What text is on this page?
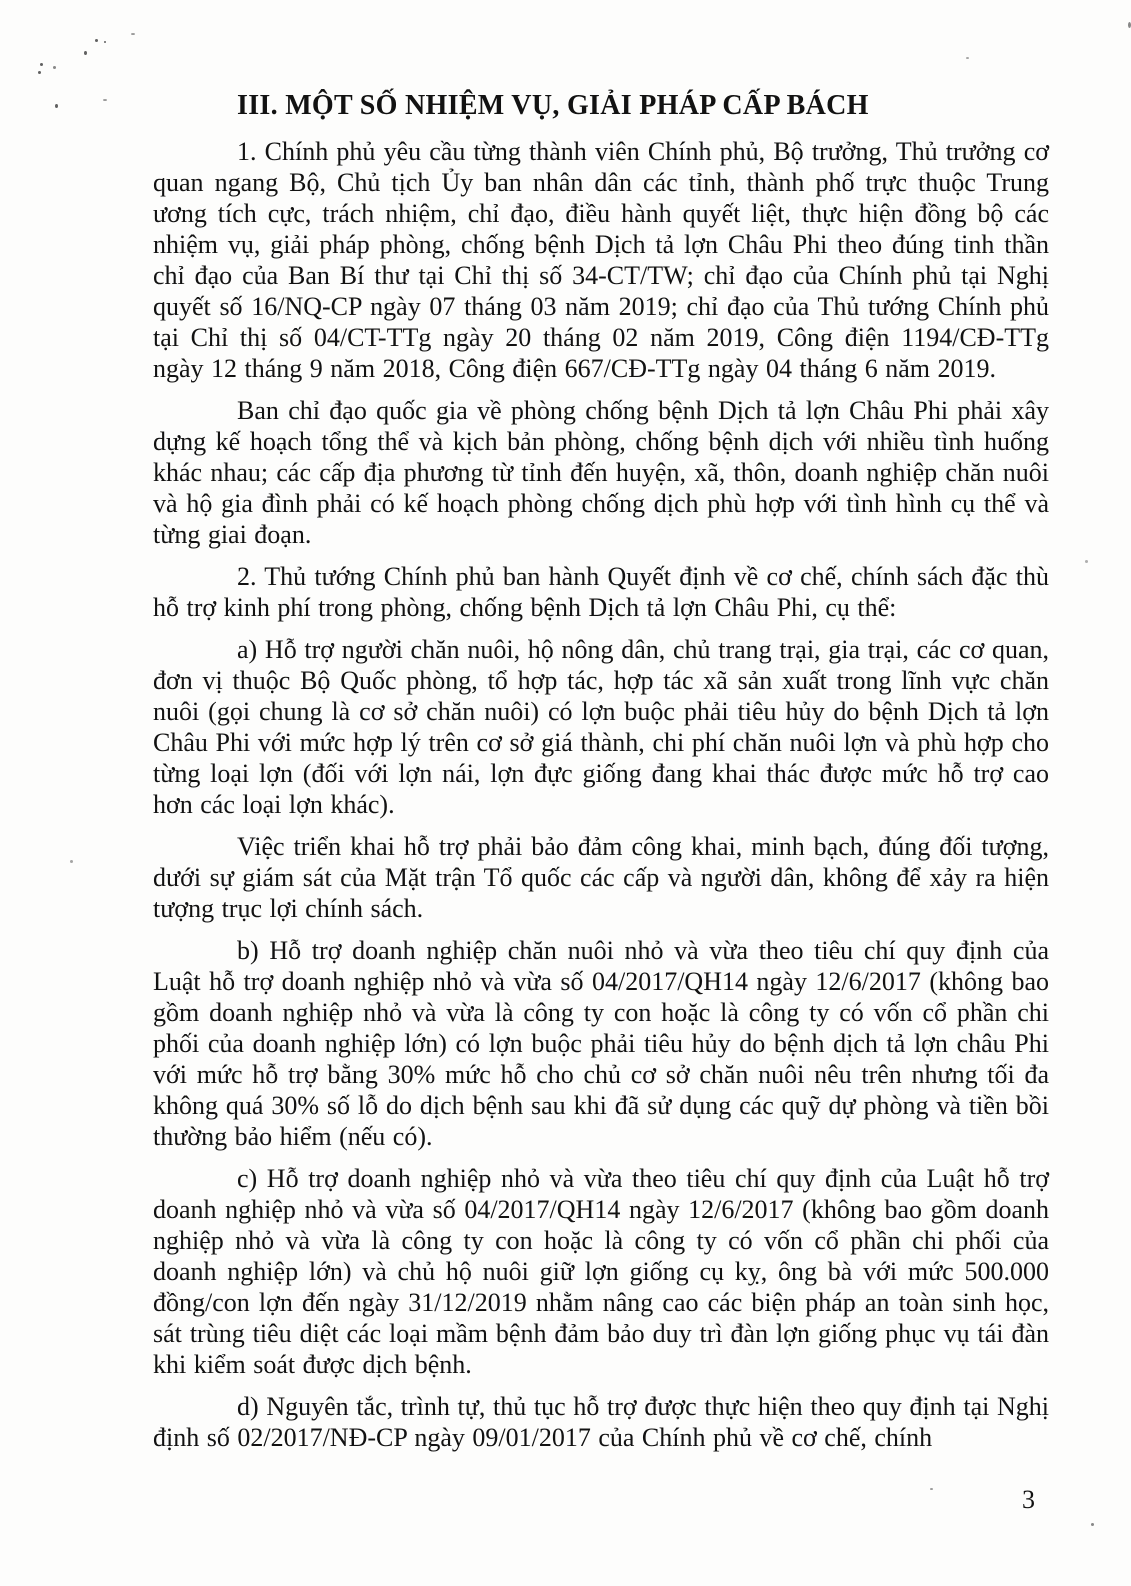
III. MỘT SỐ NHIỆM VỤ, GIẢI PHÁP CẤP BÁCH

1. Chính phủ yêu cầu từng thành viên Chính phủ, Bộ trưởng, Thủ trưởng cơ quan ngang Bộ, Chủ tịch Ủy ban nhân dân các tỉnh, thành phố trực thuộc Trung ương tích cực, trách nhiệm, chỉ đạo, điều hành quyết liệt, thực hiện đồng bộ các nhiệm vụ, giải pháp phòng, chống bệnh Dịch tả lợn Châu Phi theo đúng tinh thần chỉ đạo của Ban Bí thư tại Chỉ thị số 34-CT/TW; chỉ đạo của Chính phủ tại Nghị quyết số 16/NQ-CP ngày 07 tháng 03 năm 2019; chỉ đạo của Thủ tướng Chính phủ tại Chỉ thị số 04/CT-TTg ngày 20 tháng 02 năm 2019, Công điện 1194/CĐ-TTg ngày 12 tháng 9 năm 2018, Công điện 667/CĐ-TTg ngày 04 tháng 6 năm 2019.

Ban chỉ đạo quốc gia về phòng chống bệnh Dịch tả lợn Châu Phi phải xây dựng kế hoạch tổng thể và kịch bản phòng, chống bệnh dịch với nhiều tình huống khác nhau; các cấp địa phương từ tỉnh đến huyện, xã, thôn, doanh nghiệp chăn nuôi và hộ gia đình phải có kế hoạch phòng chống dịch phù hợp với tình hình cụ thể và từng giai đoạn.

2. Thủ tướng Chính phủ ban hành Quyết định về cơ chế, chính sách đặc thù hỗ trợ kinh phí trong phòng, chống bệnh Dịch tả lợn Châu Phi, cụ thể:

a) Hỗ trợ người chăn nuôi, hộ nông dân, chủ trang trại, gia trại, các cơ quan, đơn vị thuộc Bộ Quốc phòng, tổ hợp tác, hợp tác xã sản xuất trong lĩnh vực chăn nuôi (gọi chung là cơ sở chăn nuôi) có lợn buộc phải tiêu hủy do bệnh Dịch tả lợn Châu Phi với mức hợp lý trên cơ sở giá thành, chi phí chăn nuôi lợn và phù hợp cho từng loại lợn (đối với lợn nái, lợn đực giống đang khai thác được mức hỗ trợ cao hơn các loại lợn khác).

Việc triển khai hỗ trợ phải bảo đảm công khai, minh bạch, đúng đối tượng, dưới sự giám sát của Mặt trận Tổ quốc các cấp và người dân, không để xảy ra hiện tượng trục lợi chính sách.

b) Hỗ trợ doanh nghiệp chăn nuôi nhỏ và vừa theo tiêu chí quy định của Luật hỗ trợ doanh nghiệp nhỏ và vừa số 04/2017/QH14 ngày 12/6/2017 (không bao gồm doanh nghiệp nhỏ và vừa là công ty con hoặc là công ty có vốn cổ phần chi phối của doanh nghiệp lớn) có lợn buộc phải tiêu hủy do bệnh dịch tả lợn châu Phi với mức hỗ trợ bằng 30% mức hỗ cho chủ cơ sở chăn nuôi nêu trên nhưng tối đa không quá 30% số lỗ do dịch bệnh sau khi đã sử dụng các quỹ dự phòng và tiền bồi thường bảo hiểm (nếu có).

c) Hỗ trợ doanh nghiệp nhỏ và vừa theo tiêu chí quy định của Luật hỗ trợ doanh nghiệp nhỏ và vừa số 04/2017/QH14 ngày 12/6/2017 (không bao gồm doanh nghiệp nhỏ và vừa là công ty con hoặc là công ty có vốn cổ phần chi phối của doanh nghiệp lớn) và chủ hộ nuôi giữ lợn giống cụ kỵ, ông bà với mức 500.000 đồng/con lợn đến ngày 31/12/2019 nhằm nâng cao các biện pháp an toàn sinh học, sát trùng tiêu diệt các loại mầm bệnh đảm bảo duy trì đàn lợn giống phục vụ tái đàn khi kiểm soát được dịch bệnh.

d) Nguyên tắc, trình tự, thủ tục hỗ trợ được thực hiện theo quy định tại Nghị định số 02/2017/NĐ-CP ngày 09/01/2017 của Chính phủ về cơ chế, chính

3
